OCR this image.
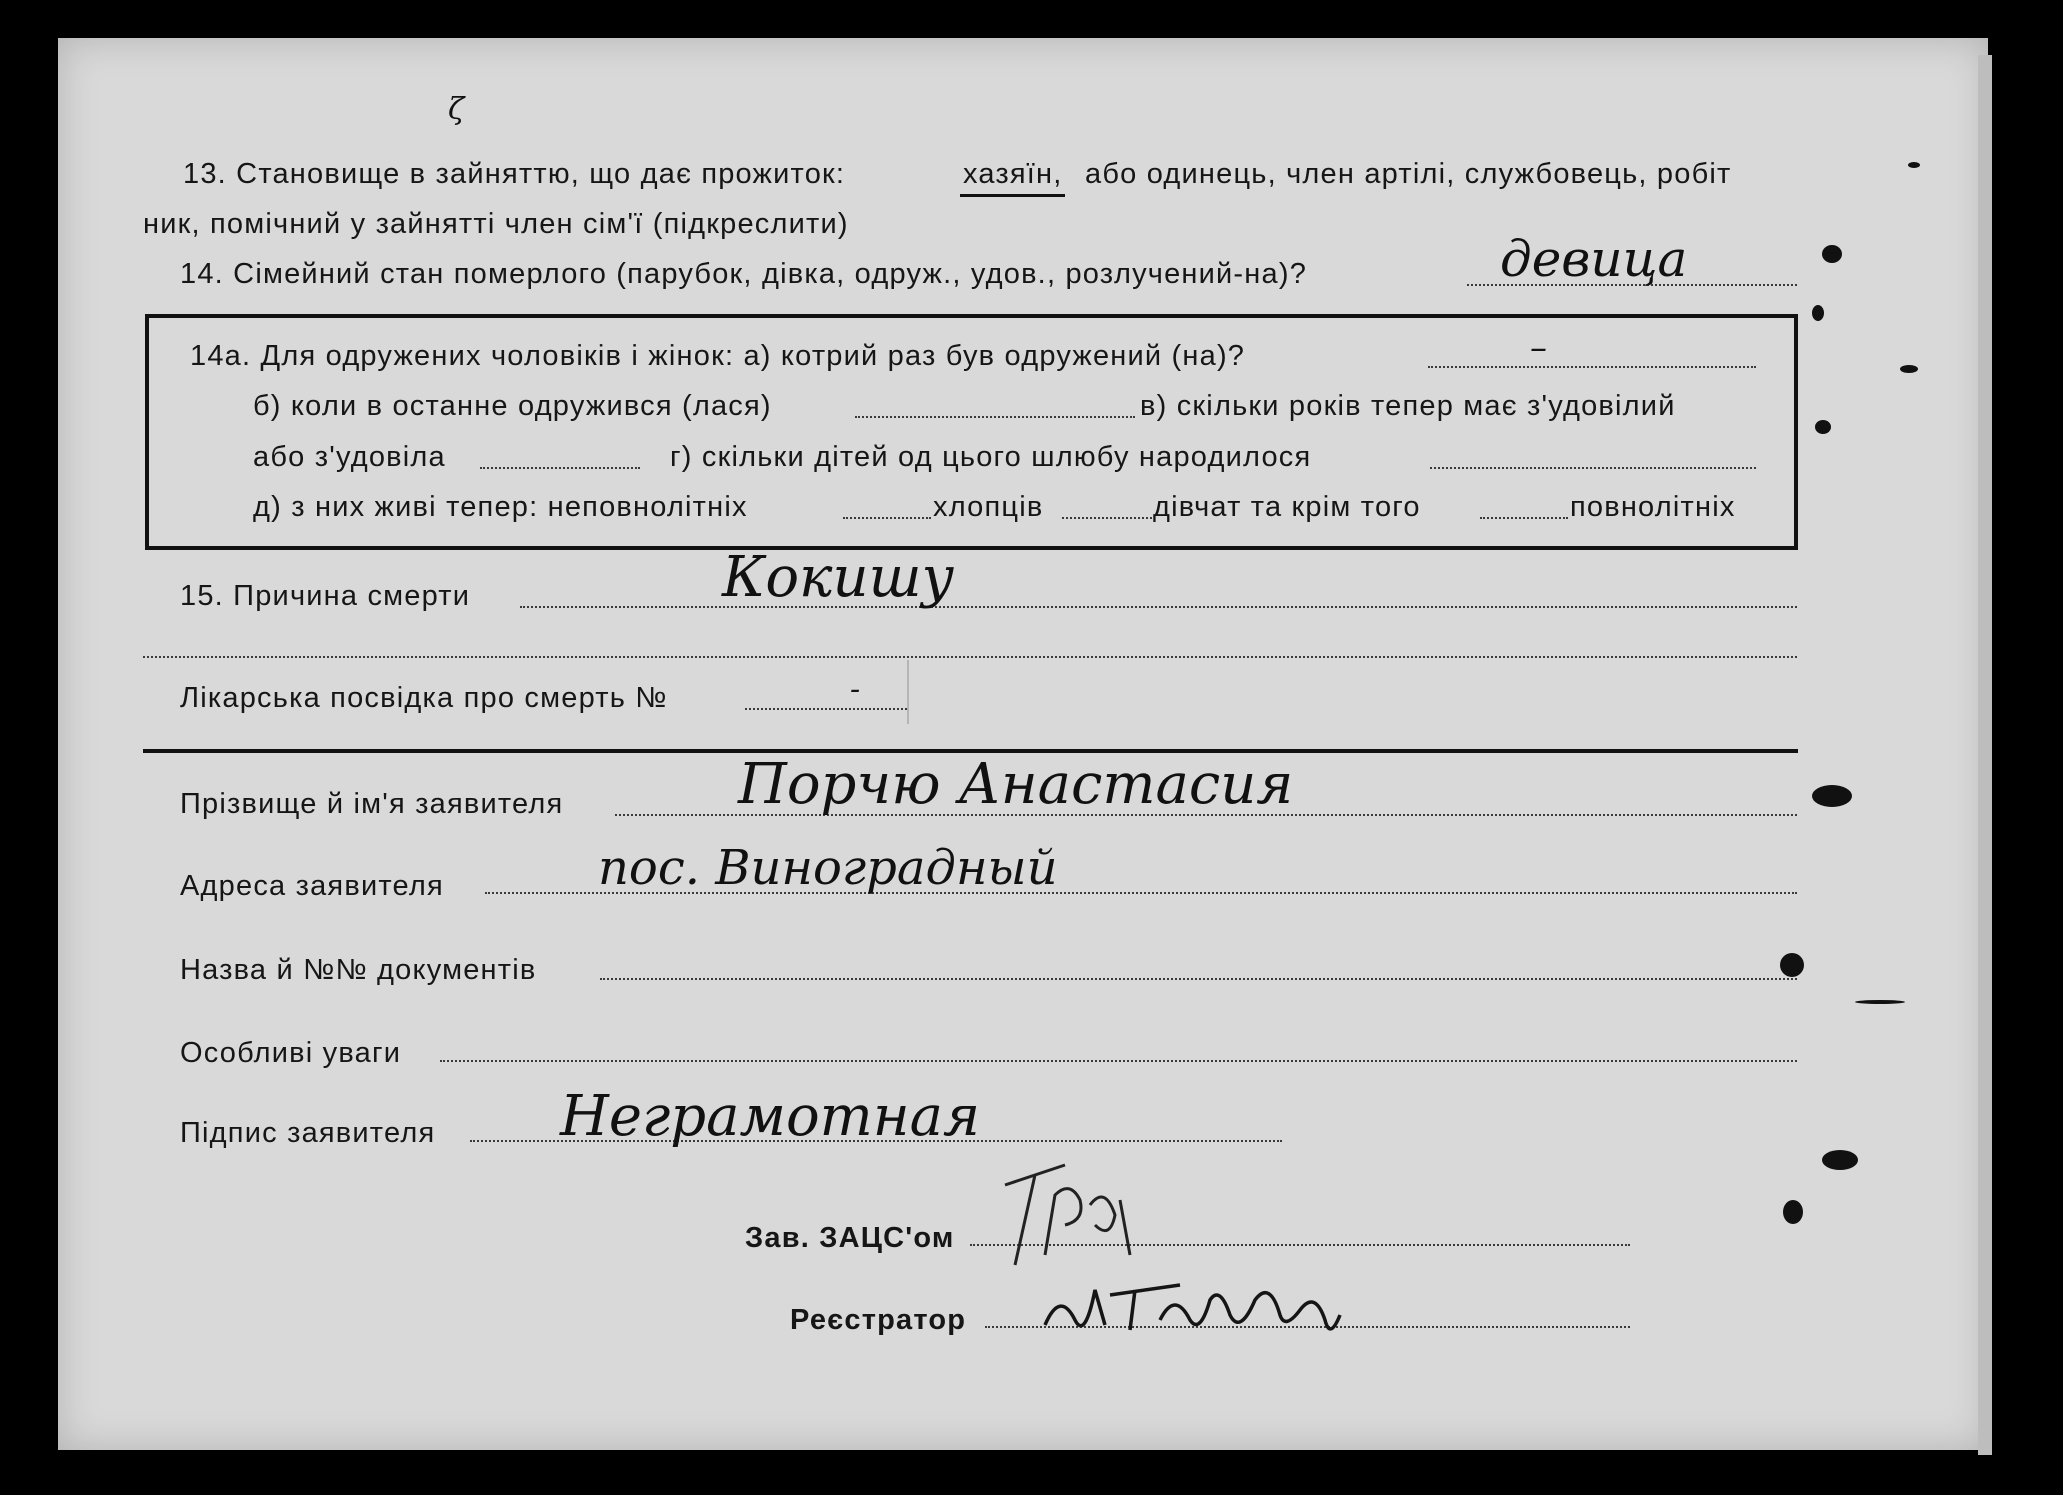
ζ
13. Становище в зайняттю, що дає прожиток:	хазяїн, або одинець, член артілі, службовець, робіт
ник, помічний у зайнятті член сім'ї (підкреслити)
14. Сімейний стан померлого (парубок, дівка, одруж., удов., розлучений-на)?	девица
14а. Для одружених чоловіків і жінок: а) котрий раз був одружений (на)?	–
б) коли в останне одружився (лася)	в) скільки років тепер має з'удовілий
або з'удовіла	г) скільки дітей од цього шлюбу народилося
д) з них живі тепер: неповнолітніх	хлопців	дівчат та крім того	повнолітніх
15. Причина смерти	Кокишу
Лікарська посвідка про смерть №	-
Прізвище й ім'я заявителя	Порчю Анастасия
Адреса заявителя	пос. Виноградный
Назва й №№ документів
Особливі уваги
Підпис заявителя Неграмотная
Зав. ЗАЦС'ом
Реєстратор
